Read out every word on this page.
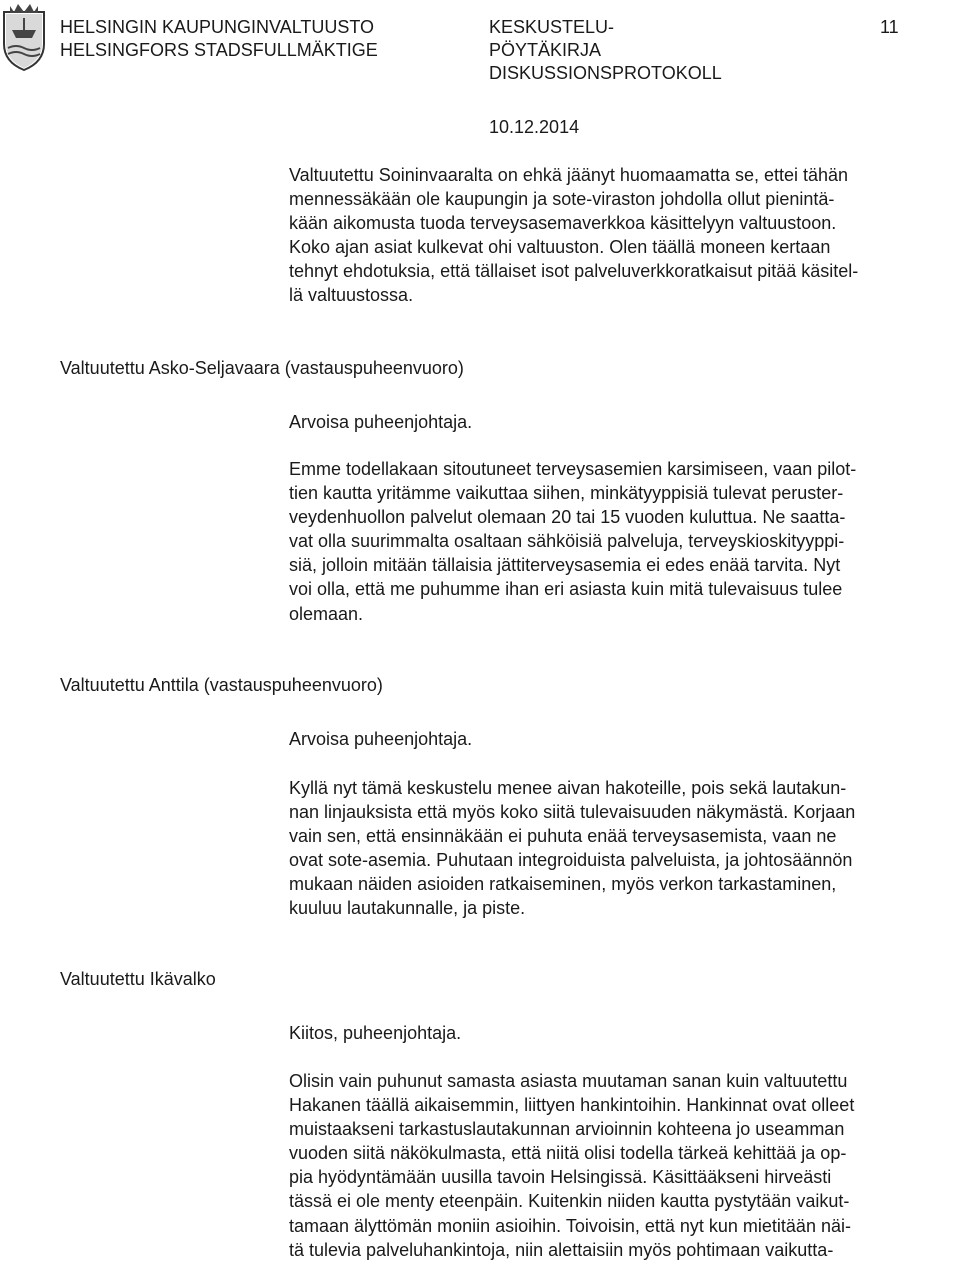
HELSINGIN KAUPUNGINVALTUUSTO
HELSINGFORS STADSFULLMÄKTIGE
KESKUSTELU-
PÖYTÄKIRJA
DISKUSSIONSPROTOKOLL
11
10.12.2014

Valtuutettu Soininvaaralta on ehkä jäänyt huomaamatta se, ettei tähän
mennessäkään ole kaupungin ja sote-viraston johdolla ollut pienintä-
kään aikomusta tuoda terveysasemaverkkoa käsittelyyn valtuustoon.
Koko ajan asiat kulkevat ohi valtuuston. Olen täällä moneen kertaan
tehnyt ehdotuksia, että tällaiset isot palveluverkkoratkaisut pitää käsitel-
lä valtuustossa.

Valtuutettu Asko-Seljavaara (vastauspuheenvuoro)
Arvoisa puheenjohtaja.

Emme todellakaan sitoutuneet terveysasemien karsimiseen, vaan pilot-
tien kautta yritämme vaikuttaa siihen, minkätyyppisiä tulevat peruster-
veydenhuollon palvelut olemaan 20 tai 15 vuoden kuluttua. Ne saatta-
vat olla suurimmalta osaltaan sähköisiä palveluja, terveyskioskityyppi-
siä, jolloin mitään tällaisia jättiterveysasemia ei edes enää tarvita. Nyt
voi olla, että me puhumme ihan eri asiasta kuin mitä tulevaisuus tulee
olemaan.

Valtuutettu Anttila (vastauspuheenvuoro)
Arvoisa puheenjohtaja.

Kyllä nyt tämä keskustelu menee aivan hakoteille, pois sekä lautakun-
nan linjauksista että myös koko siitä tulevaisuuden näkymästä. Korjaan
vain sen, että ensinnäkään ei puhuta enää terveysasemista, vaan ne
ovat sote-asemia. Puhutaan integroiduista palveluista, ja johtosäännön
mukaan näiden asioiden ratkaiseminen, myös verkon tarkastaminen,
kuuluu lautakunnalle, ja piste.

Valtuutettu Ikävalko
Kiitos, puheenjohtaja.

Olisin vain puhunut samasta asiasta muutaman sanan kuin valtuutettu
Hakanen täällä aikaisemmin, liittyen hankintoihin. Hankinnat ovat olleet
muistaakseni tarkastuslautakunnan arvioinnin kohteena jo useamman
vuoden siitä näkökulmasta, että niitä olisi todella tärkeä kehittää ja op-
pia hyödyntämään uusilla tavoin Helsingissä. Käsittääkseni hirveästi
tässä ei ole menty eteenpäin. Kuitenkin niiden kautta pystytään vaikut-
tamaan älyttömän moniin asioihin. Toivoisin, että nyt kun mietitään näi-
tä tulevia palveluhankintoja, niin alettaisiin myös pohtimaan vaikutta-
